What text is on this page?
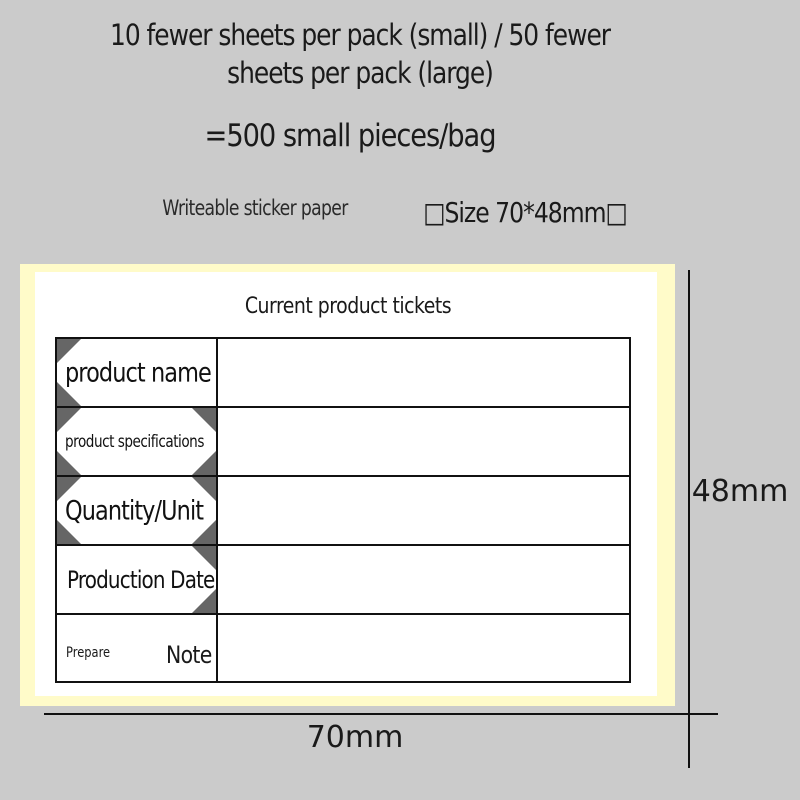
10 fewer sheets per pack (small) / 50 fewer sheets per pack (large)
=500 small pieces/bag
Writeable sticker paper	□Size 70*48mm□
Current product tickets
product name
product specifications
Quantity/Unit
Production Date
Prepare Note
48mm
70mm
